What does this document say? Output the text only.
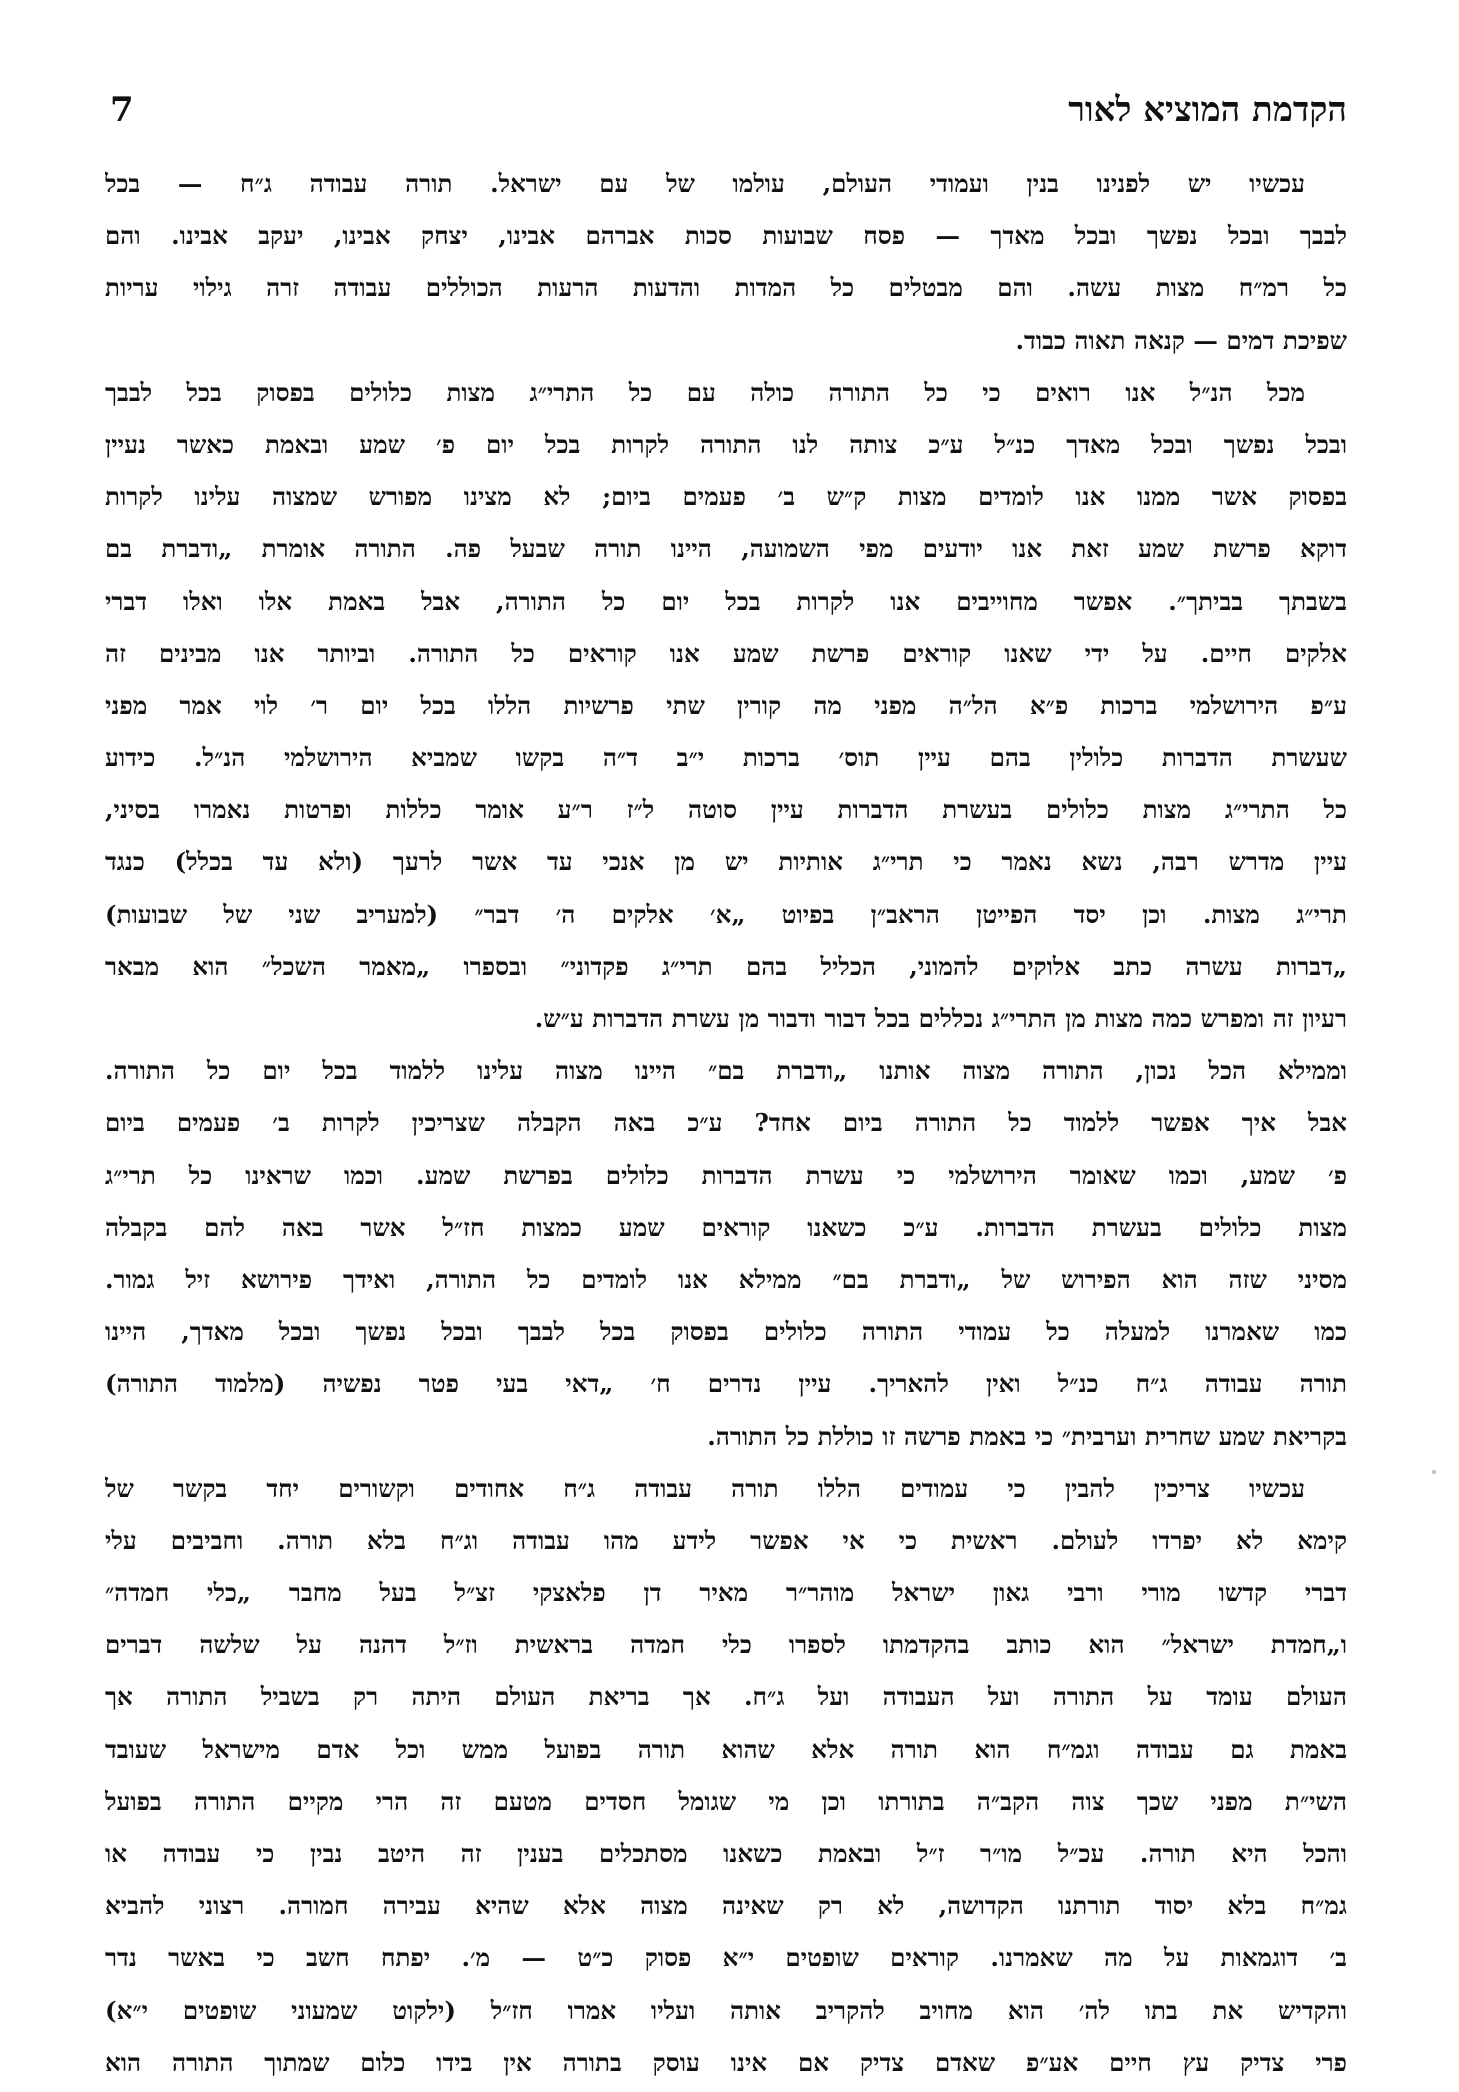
7	הקדמת המוציא לאור
עכשיו יש לפנינו בנין ועמודי העולם, עולמו של עם ישראל. תורה עבודה ג״ח — בכל
לבבך ובכל נפשך ובכל מאדך — פסח שבועות סכות אברהם אבינו, יצחק אבינו, יעקב אבינו. והם
כל רמ״ח מצות עשה. והם מבטלים כל המדות והדעות הרעות הכוללים עבודה זרה גילוי עריות
שפיכת דמים — קנאה תאוה כבוד.
מכל הנ״ל אנו רואים כי כל התורה כולה עם כל התרי״ג מצות כלולים בפסוק בכל לבבך
ובכל נפשך ובכל מאדך כנ״ל ע״כ צותה לנו התורה לקרות בכל יום פ׳ שמע ובאמת כאשר נעיין
בפסוק אשר ממנו אנו לומדים מצות ק״ש ב׳ פעמים ביום; לא מצינו מפורש שמצוה עלינו לקרות
דוקא פרשת שמע זאת אנו יודעים מפי השמועה, היינו תורה שבעל פה. התורה אומרת „ודברת בם
בשבתך בביתך״. אפשר מחוייבים אנו לקרות בכל יום כל התורה, אבל באמת אלו ואלו דברי
אלקים חיים. על ידי שאנו קוראים פרשת שמע אנו קוראים כל התורה. וביותר אנו מבינים זה
ע״פ הירושלמי ברכות פ״א הל״ה מפני מה קורין שתי פרשיות הללו בכל יום ר׳ לוי אמר מפני
שעשרת הדברות כלולין בהם עיין תוס׳ ברכות י״ב ד״ה בקשו שמביא הירושלמי הנ״ל. כידוע
כל התרי״ג מצות כלולים בעשרת הדברות עיין סוטה ל״ז ר״ע אומר כללות ופרטות נאמרו בסיני,
עיין מדרש רבה, נשא נאמר כי תרי״ג אותיות יש מן אנכי עד אשר לרעך (ולא עד בכלל) כנגד
תרי״ג מצות. וכן יסד הפייטן הראב״ן בפיוט „א׳ אלקים ה׳ דבר״ (למעריב שני של שבועות)
„דברות עשרה כתב אלוקים להמוני, הכליל בהם תרי״ג פקדוני״ ובספרו „מאמר השכל״ הוא מבאר
רעיון זה ומפרש כמה מצות מן התרי״ג נכללים בכל דבור ודבור מן עשרת הדברות ע״ש.
וממילא הכל נכון, התורה מצוה אותנו „ודברת בם״ היינו מצוה עלינו ללמוד בכל יום כל התורה.
אבל איך אפשר ללמוד כל התורה ביום אחד? ע״כ באה הקבלה שצריכין לקרות ב׳ פעמים ביום
פ׳ שמע, וכמו שאומר הירושלמי כי עשרת הדברות כלולים בפרשת שמע. וכמו שראינו כל תרי״ג
מצות כלולים בעשרת הדברות. ע״כ כשאנו קוראים שמע כמצות חז״ל אשר באה להם בקבלה
מסיני שזה הוא הפירוש של „ודברת בם״ ממילא אנו לומדים כל התורה, ואידך פירושא זיל גמור.
כמו שאמרנו למעלה כל עמודי התורה כלולים בפסוק בכל לבבך ובכל נפשך ובכל מאדך, היינו
תורה עבודה ג״ח כנ״ל ואין להאריך. עיין נדרים ח׳ „דאי בעי פטר נפשיה (מלמוד התורה)
בקריאת שמע שחרית וערבית״ כי באמת פרשה זו כוללת כל התורה.
עכשיו צריכין להבין כי עמודים הללו תורה עבודה ג״ח אחודים וקשורים יחד בקשר של
קימא לא יפרדו לעולם. ראשית כי אי אפשר לידע מהו עבודה וג״ח בלא תורה. וחביבים עלי
דברי קדשו מורי ורבי גאון ישראל מוהר״ר מאיר דן פלאצקי זצ״ל בעל מחבר „כלי חמדה״
ו„חמדת ישראל״ הוא כותב בהקדמתו לספרו כלי חמדה בראשית וז״ל דהנה על שלשה דברים
העולם עומד על התורה ועל העבודה ועל ג״ח. אך בריאת העולם היתה רק בשביל התורה אך
באמת גם עבודה וגמ״ח הוא תורה אלא שהוא תורה בפועל ממש וכל אדם מישראל שעובד
השי״ת מפני שכך צוה הקב״ה בתורתו וכן מי שגומל חסדים מטעם זה הרי מקיים התורה בפועל
והכל היא תורה. עכ״ל מו״ר ז״ל ובאמת כשאנו מסתכלים בענין זה היטב נבין כי עבודה או
גמ״ח בלא יסוד תורתנו הקדושה, לא רק שאינה מצוה אלא שהיא עבירה חמורה. רצוני להביא
ב׳ דוגמאות על מה שאמרנו. קוראים שופטים י״א פסוק כ״ט — מ׳. יפתח חשב כי באשר נדר
והקדיש את בתו לה׳ הוא מחויב להקריב אותה ועליו אמרו חז״ל (ילקוט שמעוני שופטים י״א)
פרי צדיק עץ חיים אע״פ שאדם צדיק אם אינו עוסק בתורה אין בידו כלום שמתוך התורה הוא
